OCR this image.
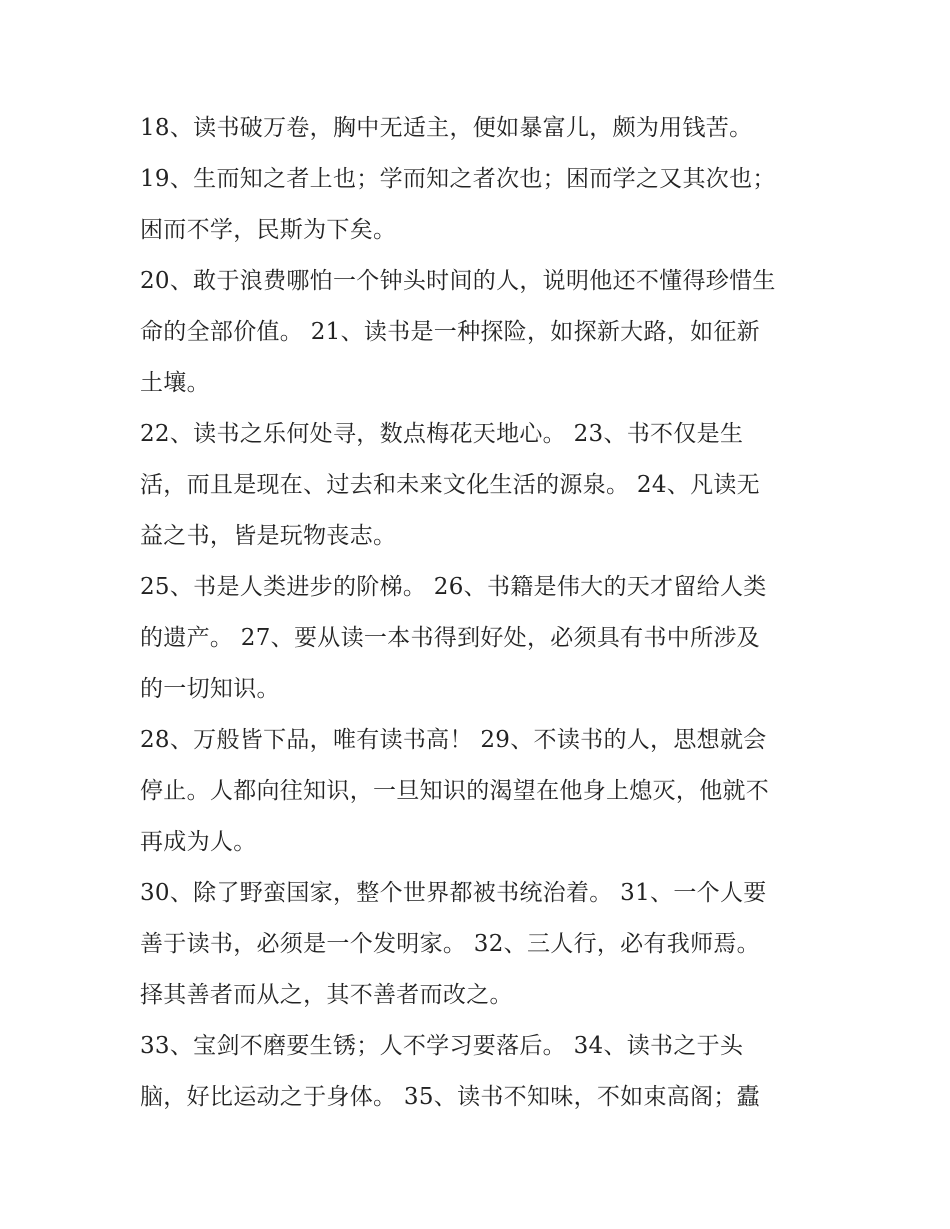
18、读书破万卷，胸中无适主，便如暴富儿，颇为用钱苦。
19、生而知之者上也；学而知之者次也；困而学之又其次也；
困而不学，民斯为下矣。
20、敢于浪费哪怕一个钟头时间的人，说明他还不懂得珍惜生
命的全部价值。 21、读书是一种探险，如探新大路，如征新
土壤。
22、读书之乐何处寻，数点梅花天地心。 23、书不仅是生
活，而且是现在、过去和未来文化生活的源泉。 24、凡读无
益之书，皆是玩物丧志。
25、书是人类进步的阶梯。 26、书籍是伟大的天才留给人类
的遗产。 27、要从读一本书得到好处，必须具有书中所涉及
的一切知识。
28、万般皆下品，唯有读书高！ 29、不读书的人，思想就会
停止。人都向往知识，一旦知识的渴望在他身上熄灭，他就不
再成为人。
30、除了野蛮国家，整个世界都被书统治着。 31、一个人要
善于读书，必须是一个发明家。 32、三人行，必有我师焉。
择其善者而从之，其不善者而改之。
33、宝剑不磨要生锈；人不学习要落后。 34、读书之于头
脑，好比运动之于身体。 35、读书不知味，不如束高阁；蠹
